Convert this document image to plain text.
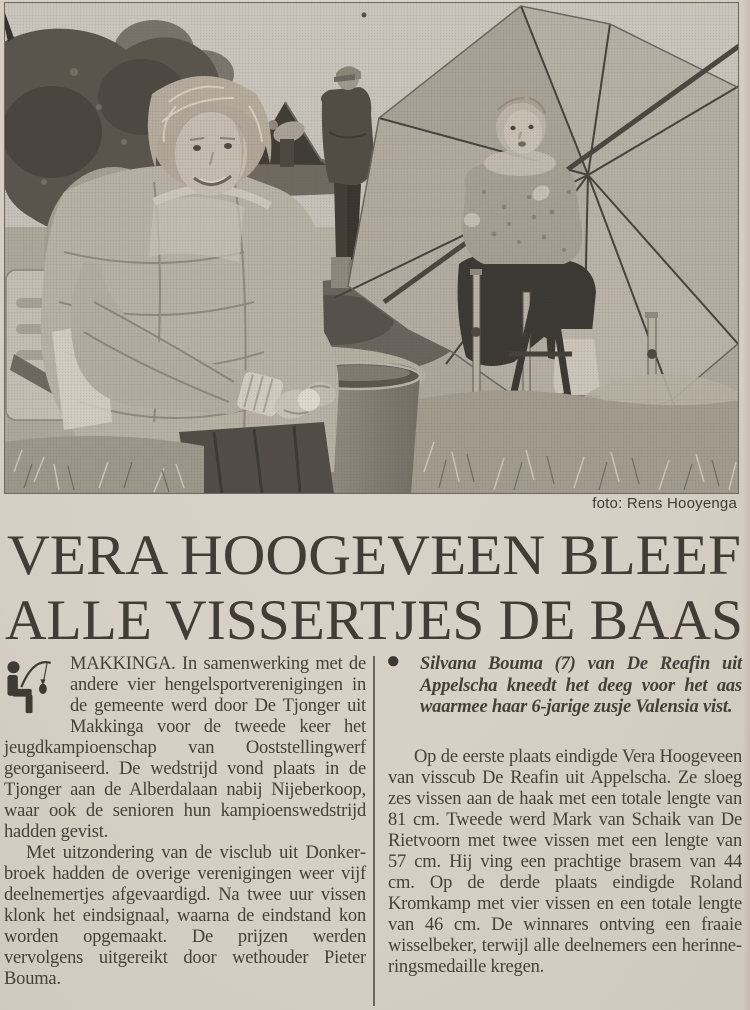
foto: Rens Hooyenga
VERA HOOGEVEEN BLEEF
ALLE VISSERTJES DE BAAS

MAKKINGA. In samenwerking met de andere vier hengelsportverenigingen in de gemeente werd door De Tjonger uit Makkinga voor de tweede keer het jeugdkampioenschap van Ooststellingwerf georganiseerd. De wedstrijd vond plaats in de Tjonger aan de Alberdalaan nabij Nijeberkoop, waar ook de senioren hun kampioenswedstrijd hadden gevist.

Met uitzondering van de visclub uit Donkerbroek hadden de overige verenigingen weer vijf deelnemertjes afgevaardigd. Na twee uur vissen klonk het eindsignaal, waarna de eindstand kon worden opgemaakt. De prijzen werden vervolgens uitgereikt door wethouder Pieter Bouma.

● Silvana Bouma (7) van De Reafin uit Appelscha kneedt het deeg voor het aas waarmee haar 6-jarige zusje Valensia vist.

Op de eerste plaats eindigde Vera Hoogeveen van visscub De Reafin uit Appelscha. Ze sloeg zes vissen aan de haak met een totale lengte van 81 cm. Tweede werd Mark van Schaik van De Rietvoorn met twee vissen met een lengte van 57 cm. Hij ving een prachtige brasem van 44 cm. Op de derde plaats eindigde Roland Kromkamp met vier vissen en een totale lengte van 46 cm. De winnares ontving een fraaie wisselbeker, terwijl alle deelnemers een herinneringsmedaille kregen.
